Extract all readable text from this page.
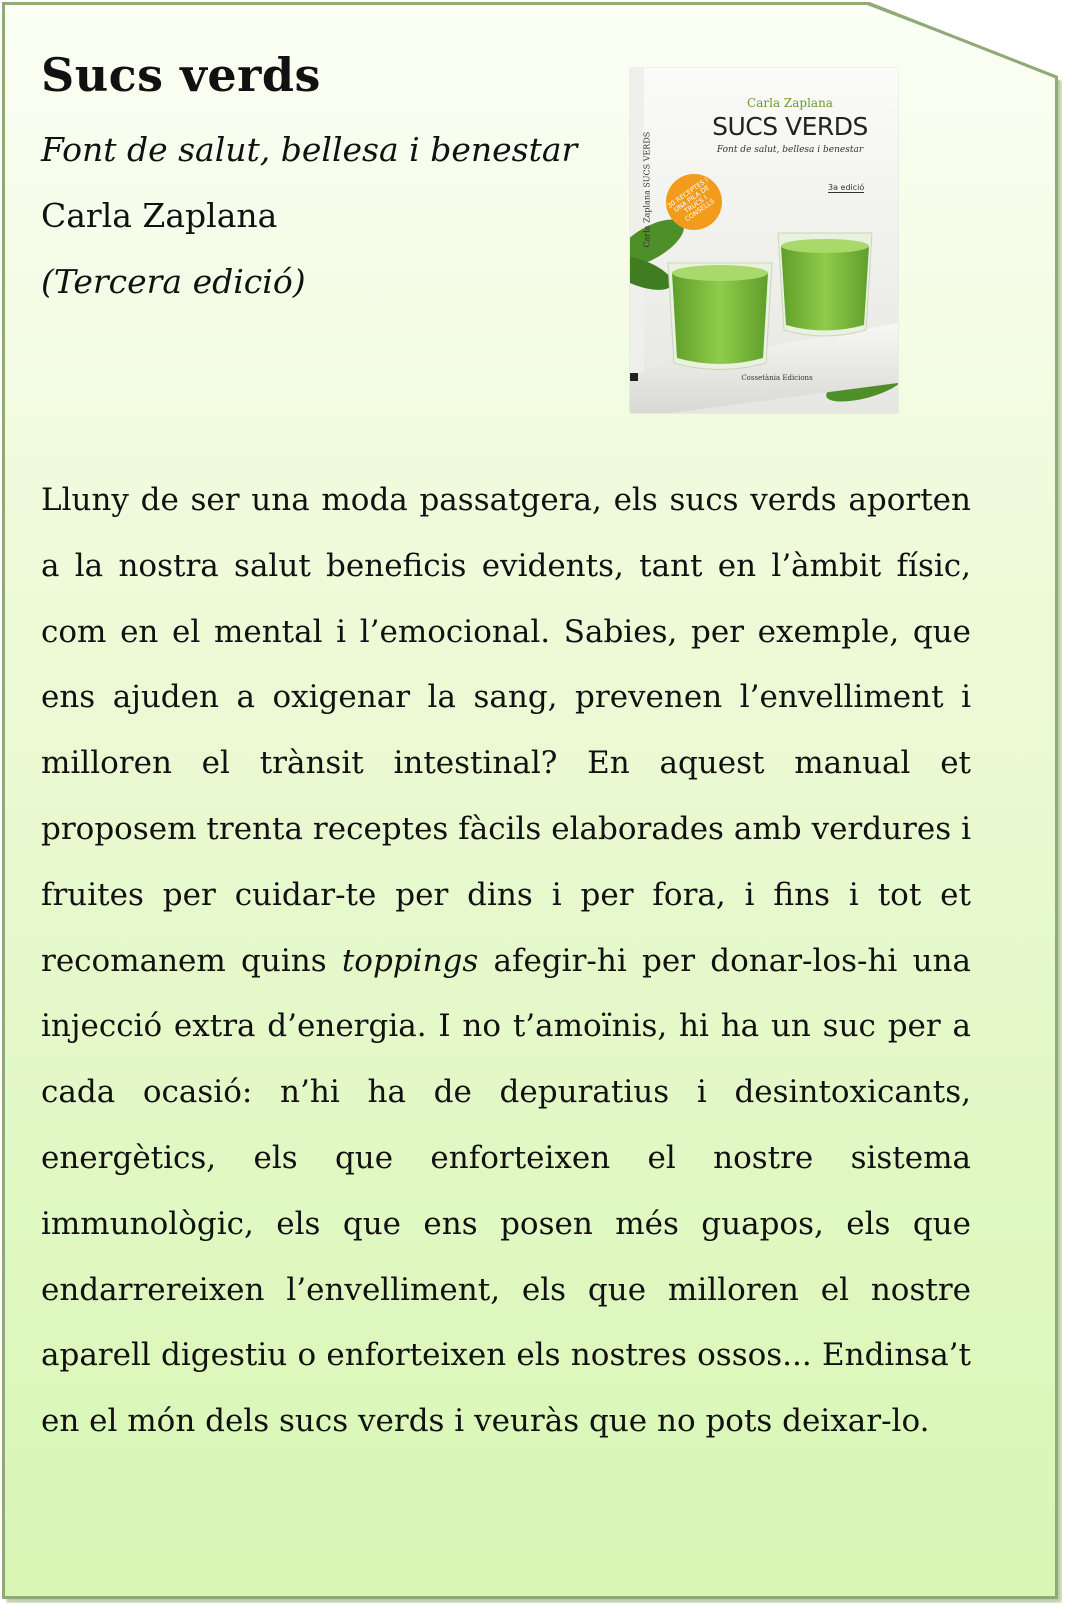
Sucs verds

Font de salut, bellesa i benestar

Carla Zaplana

(Tercera edició)

Carla Zaplana SUCS VERDS
Carla Zaplana
SUCS VERDS
Font de salut, bellesa i benestar
3a edició
30 RECEPTES I UNA PILA DE TRUCS I CONSELLS
Cossetània Edicions

Lluny de ser una moda passatgera, els sucs verds aporten a la nostra salut beneficis evidents, tant en l’àmbit físic, com en el mental i l’emocional. Sabies, per exemple, que ens ajuden a oxigenar la sang, prevenen l’envelliment i milloren el trànsit intestinal? En aquest manual et proposem trenta receptes fàcils elaborades amb verdures i fruites per cuidar-te per dins i per fora, i fins i tot et recomanem quins toppings afegir-hi per donar-los-hi una injecció extra d’energia. I no t’amoïnis, hi ha un suc per a cada ocasió: n’hi ha de depuratius i desintoxicants, energètics, els que enforteixen el nostre sistema immunològic, els que ens posen més guapos, els que endarrereixen l’envelliment, els que milloren el nostre aparell digestiu o enforteixen els nostres ossos... Endinsa’t en el món dels sucs verds i veuràs que no pots deixar-lo.
